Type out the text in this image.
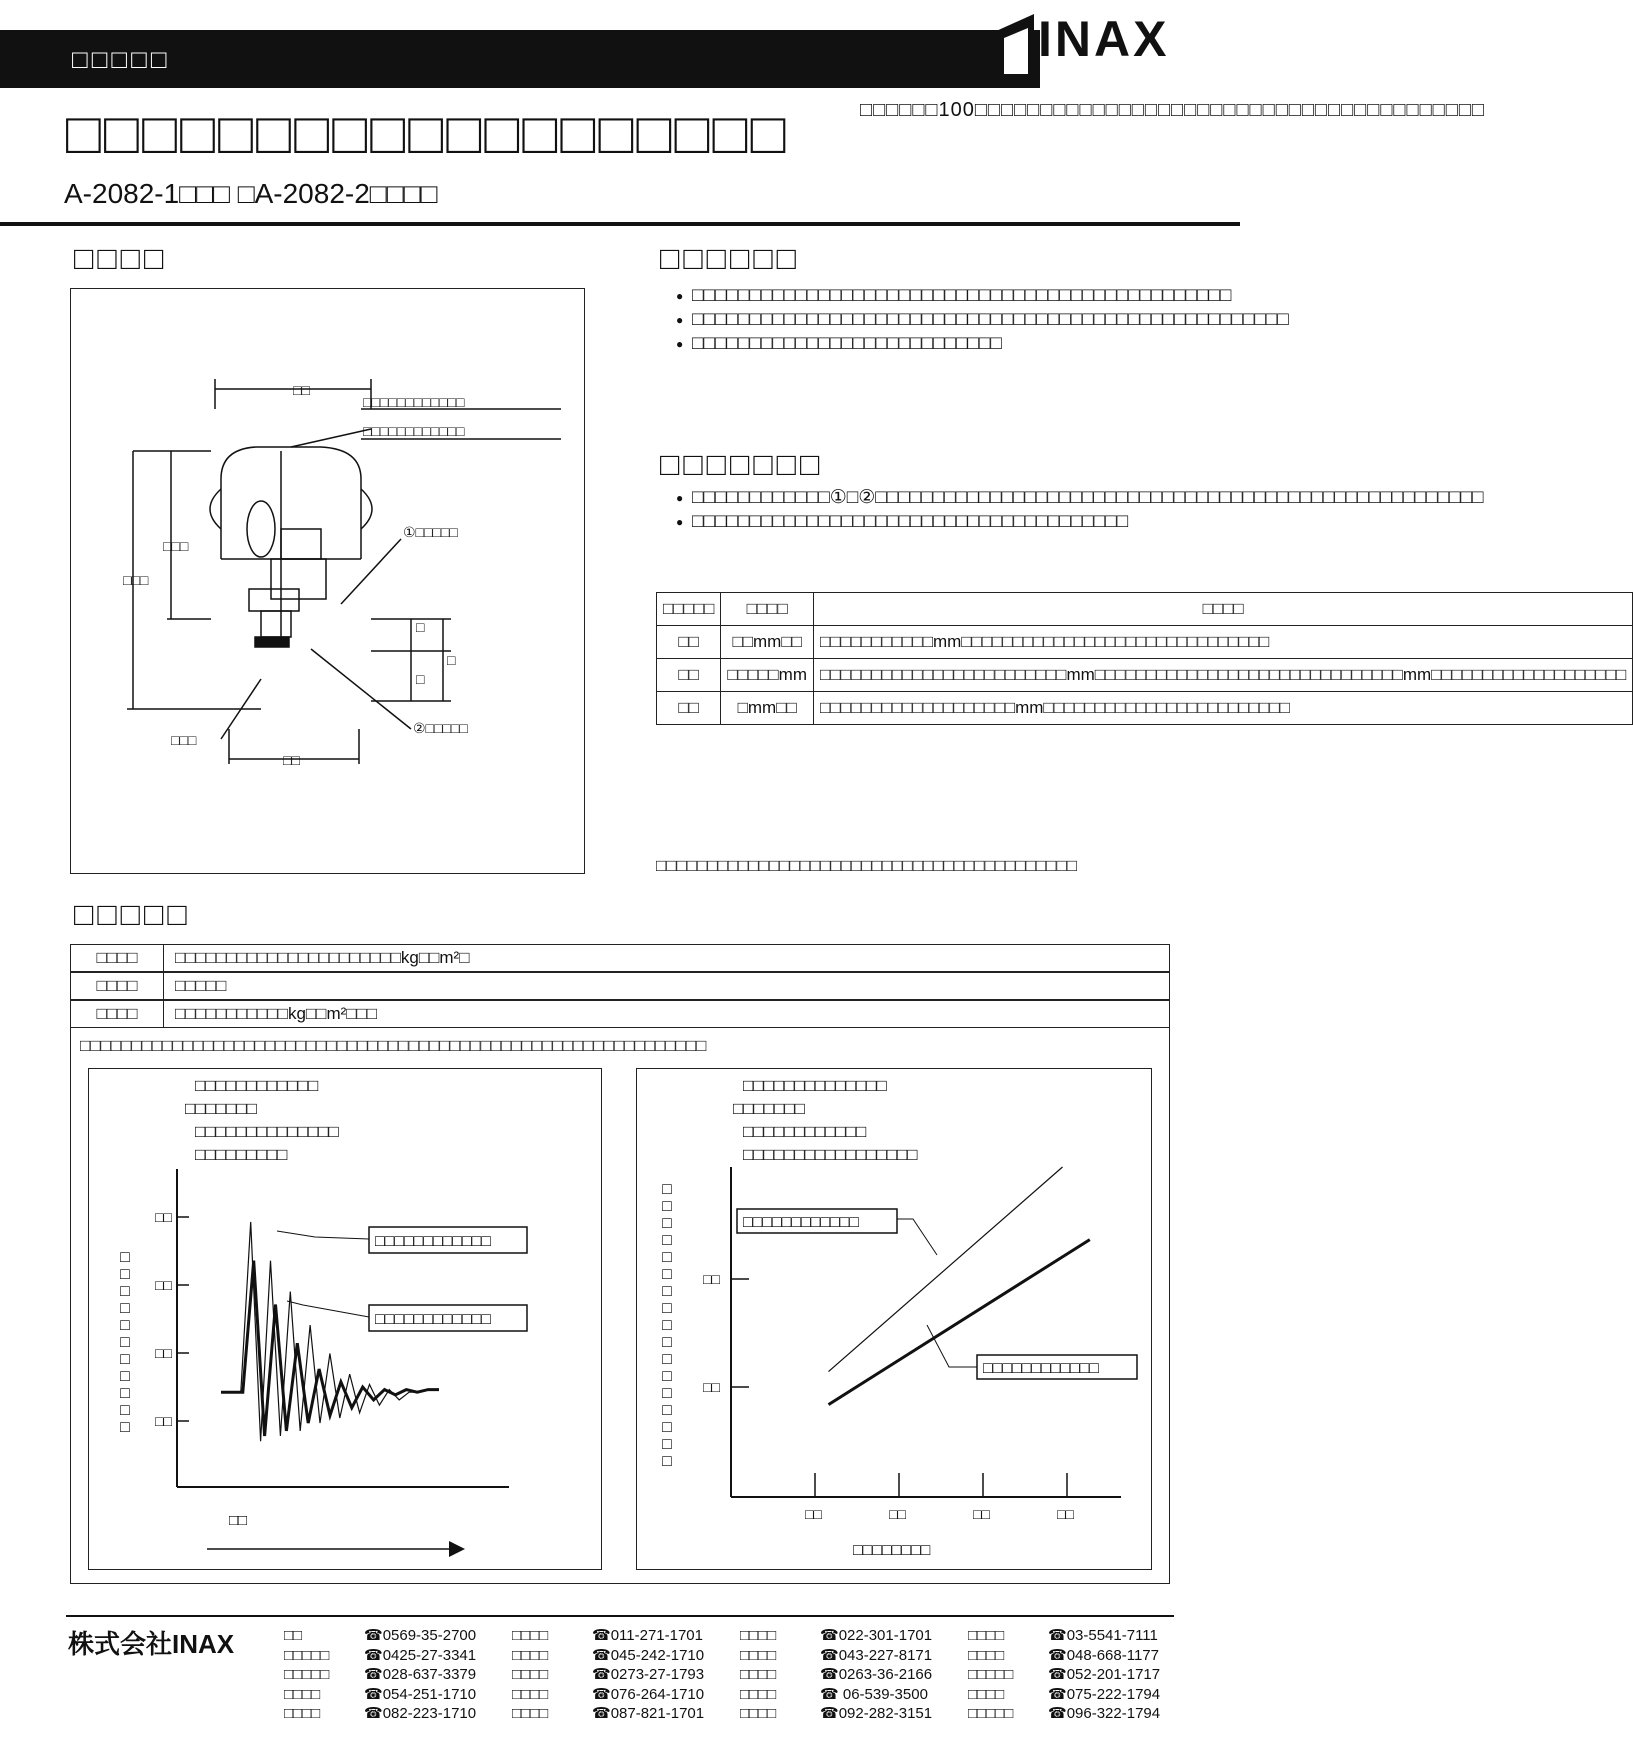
□□□□□	INAX
□□□□□□□□□□□□□□□□□□□
A-2082-1□□□ □A-2082-2□□□□
□□□□□□100□□□□□□□□□□□□□□□□□□□□□□□□□□□□□□□□□□□□□□□
□□□□
□□
□□□□□□□□□□□□
□□□□□□□□□□□□
①□□□□□
②□□□□□
□□□
□□□
□
□
□
□□□
□□
□□□□□□
● □□□□□□□□□□□□□□□□□□□□□□□□□□□□□□□□□□□□□□□□□□□□□□□
● □□□□□□□□□□□□□□□□□□□□□□□□□□□□□□□□□□□□□□□□□□□□□□□□□□□□
● □□□□□□□□□□□□□□□□□□□□□□□□□□□
□□□□□□□
● □□□□□□□□□□□□①□②□□□□□□□□□□□□□□□□□□□□□□□□□□□□□□□□□□□□□□□□□□□□□□□□□□□□□
● □□□□□□□□□□□□□□□□□□□□□□□□□□□□□□□□□□□□□□
□□□□□	□□□□	□□□□
□□	□□mm□□	□□□□□□□□□□□mm□□□□□□□□□□□□□□□□□□□□□□□□□□□□□□
□□	□□□□□mm	□□□□□□□□□□□□□□□□□□□□□□□□mm□□□□□□□□□□□□□□□□□□□□□□□□□□□□□□mm□□□□□□□□□□□□□□□□□□□
□□	□mm□□	□□□□□□□□□□□□□□□□□□□mm□□□□□□□□□□□□□□□□□□□□□□□□
□□□□□□□□□□□□□□□□□□□□□□□□□□□□□□□□□□□□□□□□□
□□□□□
□□□□	□□□□□□□□□□□□□□□□□□□□□□kg□□m²□
□□□□	□□□□□
□□□□	□□□□□□□□□□□kg□□m²□□□
□□□□□□□□□□□□□□□□□□□□□□□□□□□□□□□□□□□□□□□□□□□□□□□□□□□□□□□□□□□□□
□□□□□□□□□□□□
□□□□□□□
□□□□□□□□□□□□□□
□□□□□□□□□
□□□□□□□□□□□
□□
□□
□□
□□
□□
□□□□□□□□□□□□
□□□□□□□□□□□□
□□□□□□□□□□□□□□
□□□□□□□
□□□□□□□□□□□□
□□□□□□□□□□□□□□□□□
□□□□□□□□□□□□□□□□□
□□□□□□□□
□□
□□
□□	□□	□□	□□
□□□□□□□□□□□□
□□□□□□□□□□□□
株式会社INAX	□□	☎0569-35-2700	□□□□	☎011-271-1701	□□□□	☎022-301-1701	□□□□	☎03-5541-7111
□□□□□ ☎0425-27-3341	□□□□	☎045-242-1710	□□□□	☎043-227-8171	□□□□	☎048-668-1177
□□□□□ ☎028-637-3379	□□□□	☎0273-27-1793	□□□□	☎0263-36-2166	□□□□□ ☎052-201-1717
□□□□	☎054-251-1710	□□□□	☎076-264-1710	□□□□	☎ 06-539-3500	□□□□	☎075-222-1794
□□□□	☎082-223-1710	□□□□	☎087-821-1701	□□□□	☎092-282-3151	□□□□□ ☎096-322-1794
